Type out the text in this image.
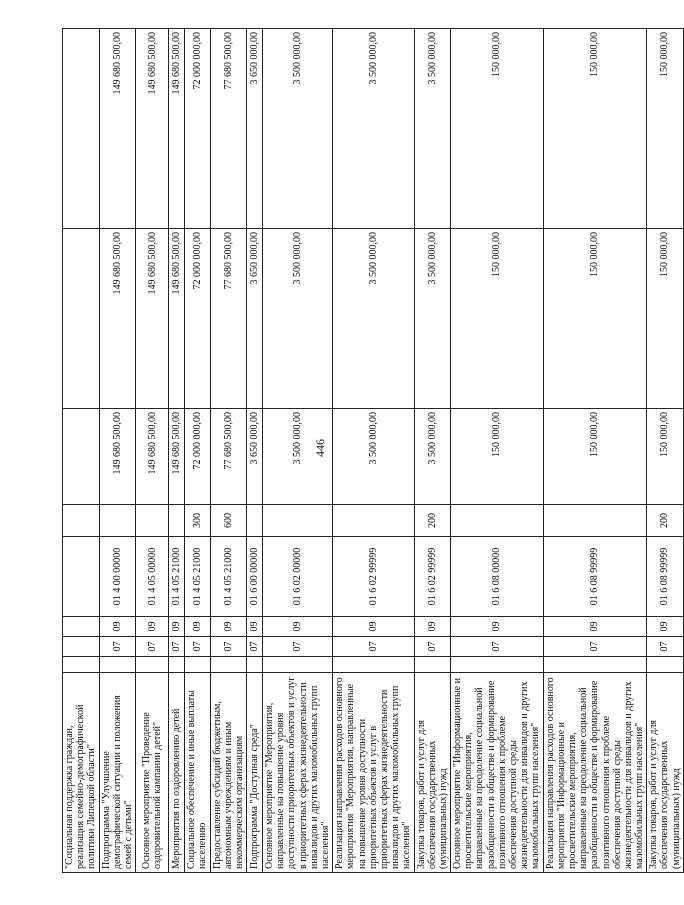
446
"Социальная поддержка граждан, реализация семейно-демографической политики Липецкой области"								
Подпрограмма "Улучшение демографической ситуации и положения семей с детьми"		07	09	01 4 00 00000		149 680 500,00	149 680 500,00	149 680 500,00
Основное мероприятие "Проведение оздоровительной кампании детей"		07	09	01 4 05 00000		149 680 500,00	149 680 500,00	149 680 500,00
Мероприятия по оздоровлению детей		07	09	01 4 05 21000		149 680 500,00	149 680 500,00	149 680 500,00
Социальное обеспечение и иные выплаты населению		07	09	01 4 05 21000	300	72 000 000,00	72 000 000,00	72 000 000,00
Предоставление субсидий бюджетным, автономным учреждениям и иным некоммерческим организациям		07	09	01 4 05 21000	600	77 680 500,00	77 680 500,00	77 680 500,00
Подпрограмма "Доступная среда"		07	09	01 6 00 00000		3 650 000,00	3 650 000,00	3 650 000,00
Основное мероприятие "Мероприятия, направленные на повышение уровня доступности приоритетных объектов и услуг в приоритетных сферах жизнедеятельности инвалидов и других маломобильных групп населения"		07	09	01 6 02 00000		3 500 000,00	3 500 000,00	3 500 000,00
Реализация направления расходов основного мероприятия "Мероприятия, направленные на повышение уровня доступности приоритетных объектов и услуг в приоритетных сферах жизнедеятельности инвалидов и других маломобильных групп населения"		07	09	01 6 02 99999		3 500 000,00	3 500 000,00	3 500 000,00
Закупка товаров, работ и услуг для обеспечения государственных (муниципальных) нужд		07	09	01 6 02 99999	200	3 500 000,00	3 500 000,00	3 500 000,00
Основное мероприятие "Информационные и просветительские мероприятия, направленные на преодоление социальной разобщенности в обществе и формирование позитивного отношения к проблеме обеспечения доступной среды жизнедеятельности для инвалидов и других маломобильных групп населения"		07	09	01 6 08 00000		150 000,00	150 000,00	150 000,00
Реализация направления расходов основного мероприятия "Информационные и просветительские мероприятия, направленные на преодоление социальной разобщенности в обществе и формирование позитивного отношения к проблеме обеспечения доступной среды жизнедеятельности для инвалидов и других маломобильных групп населения"		07	09	01 6 08 99999		150 000,00	150 000,00	150 000,00
Закупка товаров, работ и услуг для обеспечения государственных (муниципальных) нужд		07	09	01 6 08 99999	200	150 000,00	150 000,00	150 000,00
